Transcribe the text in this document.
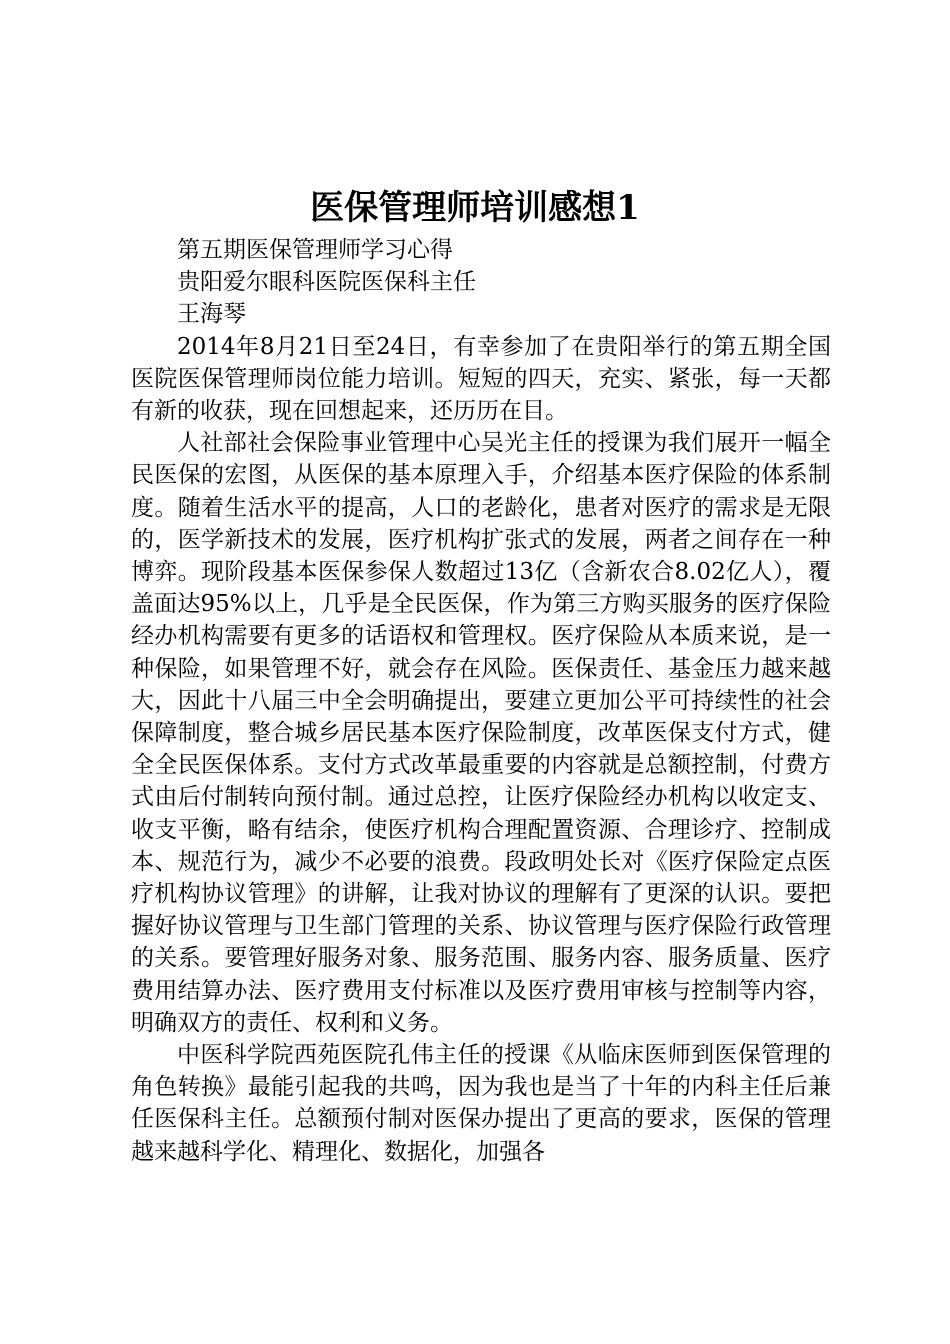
医保管理师培训感想1

第五期医保管理师学习心得

贵阳爱尔眼科医院医保科主任

王海琴

2014年8月21日至24日，有幸参加了在贵阳举行的第五期全国医院医保管理师岗位能力培训。短短的四天，充实、紧张，每一天都有新的收获，现在回想起来，还历历在目。

人社部社会保险事业管理中心吴光主任的授课为我们展开一幅全民医保的宏图，从医保的基本原理入手，介绍基本医疗保险的体系制度。随着生活水平的提高，人口的老龄化，患者对医疗的需求是无限的，医学新技术的发展，医疗机构扩张式的发展，两者之间存在一种博弈。现阶段基本医保参保人数超过13亿（含新农合8.02亿人），覆盖面达95%以上，几乎是全民医保，作为第三方购买服务的医疗保险经办机构需要有更多的话语权和管理权。医疗保险从本质来说，是一种保险，如果管理不好，就会存在风险。医保责任、基金压力越来越大，因此十八届三中全会明确提出，要建立更加公平可持续性的社会保障制度，整合城乡居民基本医疗保险制度，改革医保支付方式，健全全民医保体系。支付方式改革最重要的内容就是总额控制，付费方式由后付制转向预付制。通过总控，让医疗保险经办机构以收定支、收支平衡，略有结余，使医疗机构合理配置资源、合理诊疗、控制成本、规范行为，减少不必要的浪费。段政明处长对《医疗保险定点医疗机构协议管理》的讲解，让我对协议的理解有了更深的认识。要把握好协议管理与卫生部门管理的关系、协议管理与医疗保险行政管理的关系。要管理好服务对象、服务范围、服务内容、服务质量、医疗费用结算办法、医疗费用支付标准以及医疗费用审核与控制等内容，明确双方的责任、权利和义务。

中医科学院西苑医院孔伟主任的授课《从临床医师到医保管理的角色转换》最能引起我的共鸣，因为我也是当了十年的内科主任后兼任医保科主任。总额预付制对医保办提出了更高的要求，医保的管理越来越科学化、精理化、数据化，加强各
